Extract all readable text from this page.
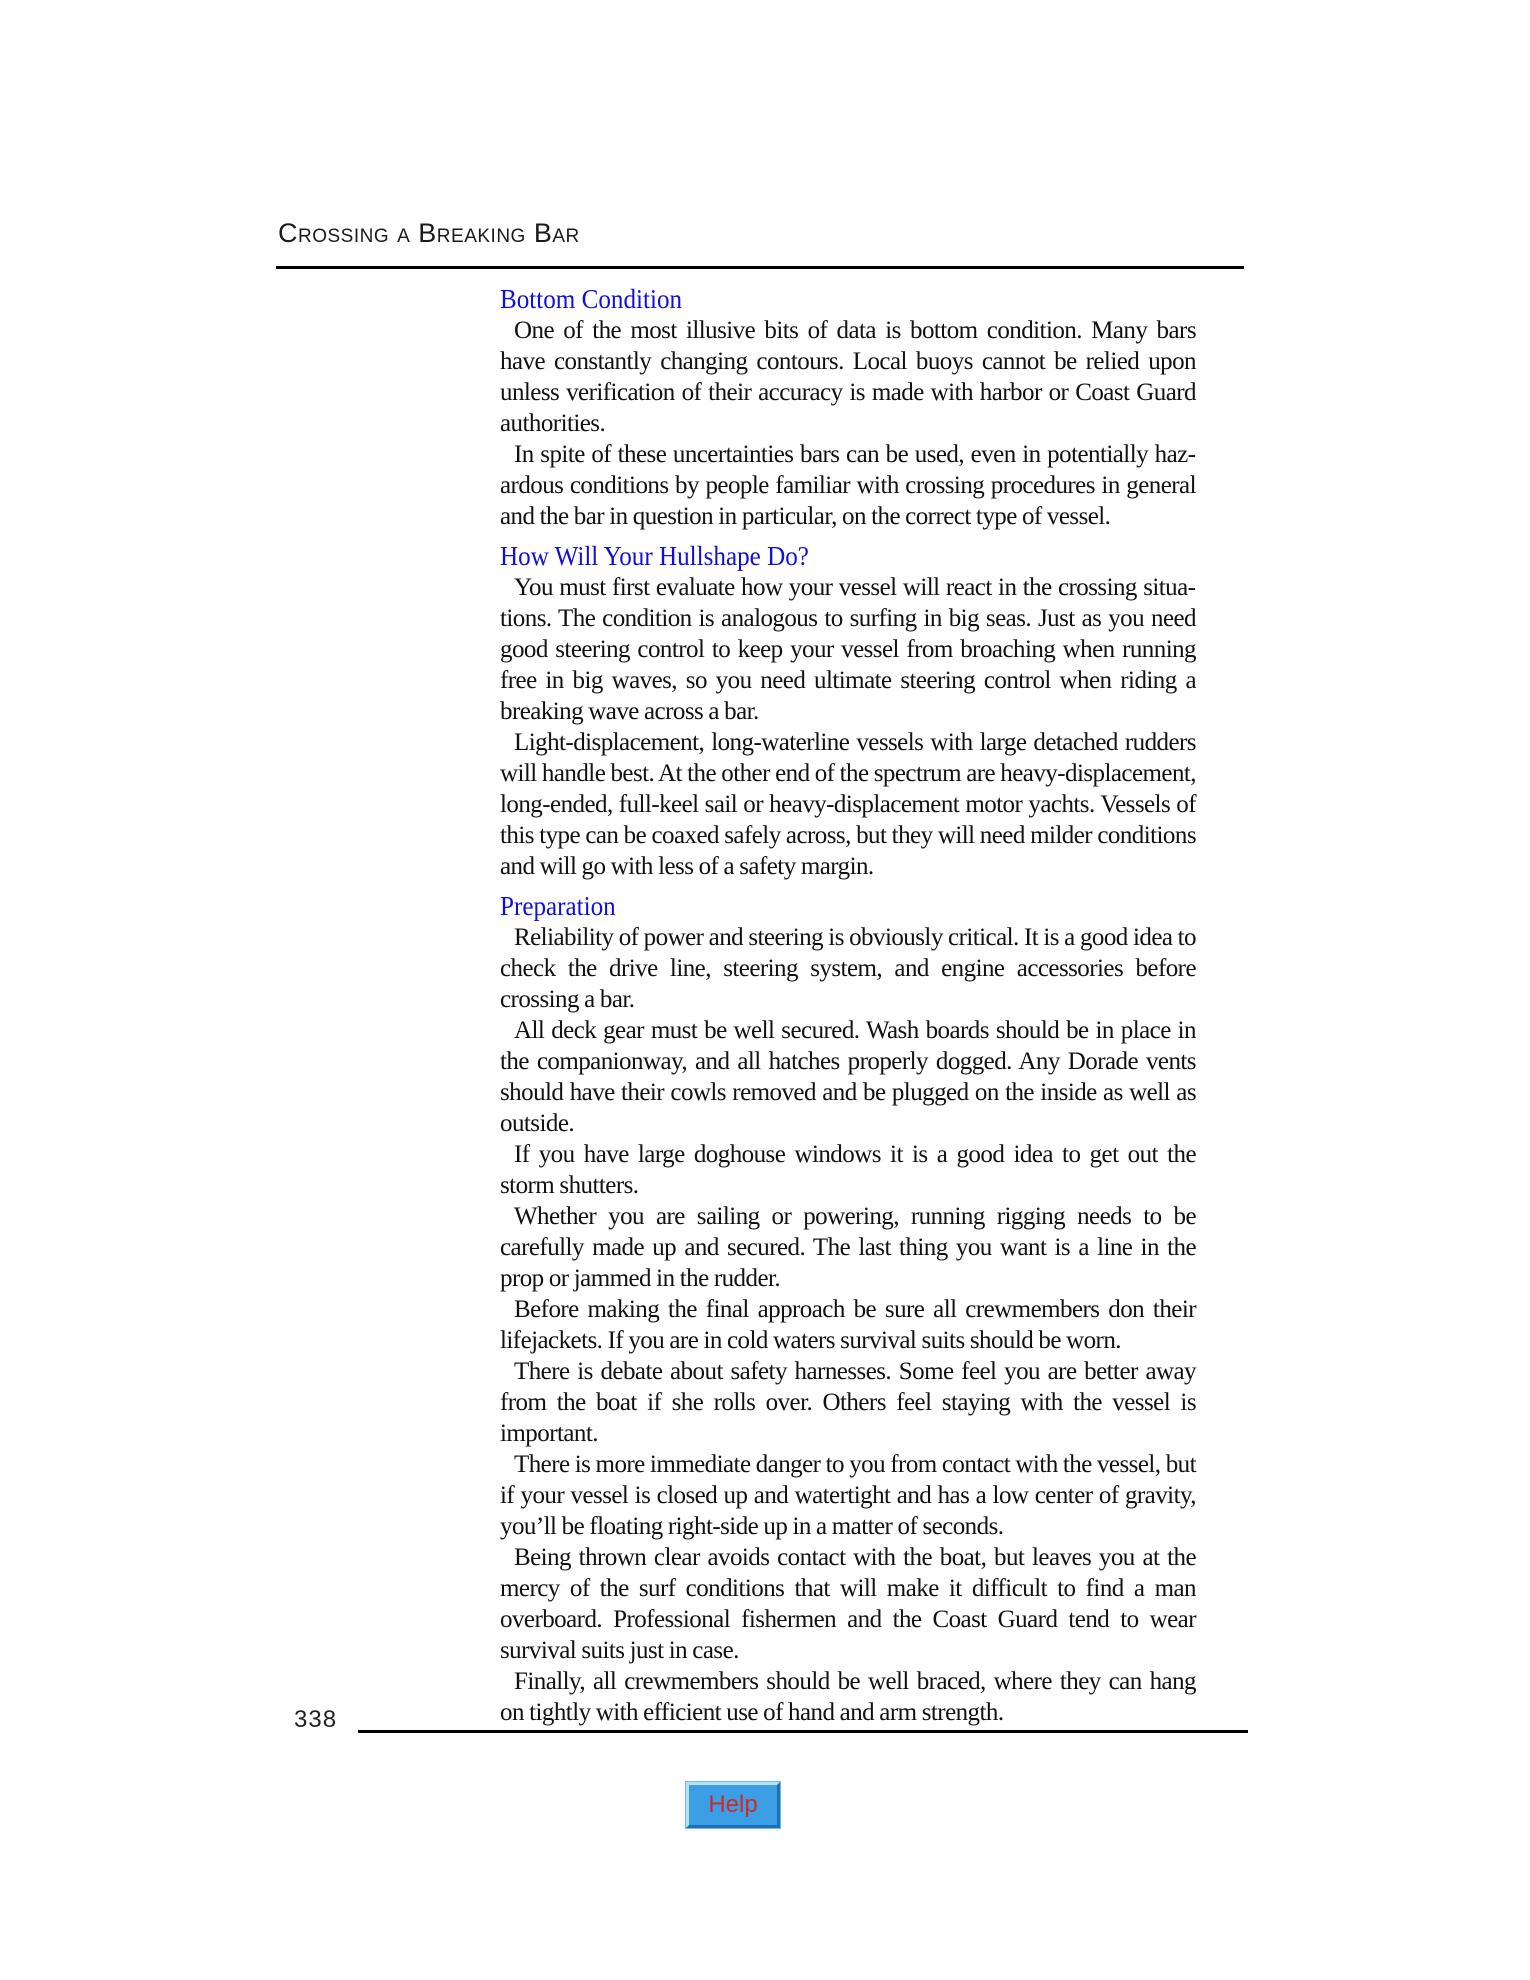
Crossing a Breaking Bar
Bottom Condition

One of the most illusive bits of data is bottom condition. Many bars have constantly changing contours. Local buoys cannot be relied upon unless verification of their accuracy is made with harbor or Coast Guard authorities.

In spite of these uncertainties bars can be used, even in potentially hazardous conditions by people familiar with crossing procedures in general and the bar in question in particular, on the correct type of vessel.

How Will Your Hullshape Do?

You must first evaluate how your vessel will react in the crossing situations. The condition is analogous to surfing in big seas. Just as you need good steering control to keep your vessel from broaching when running free in big waves, so you need ultimate steering control when riding a breaking wave across a bar.

Light-displacement, long-waterline vessels with large detached rudders will handle best. At the other end of the spectrum are heavy-displacement, long-ended, full-keel sail or heavy-displacement motor yachts. Vessels of this type can be coaxed safely across, but they will need milder conditions and will go with less of a safety margin.

Preparation

Reliability of power and steering is obviously critical. It is a good idea to check the drive line, steering system, and engine accessories before crossing a bar.

All deck gear must be well secured. Wash boards should be in place in the companionway, and all hatches properly dogged. Any Dorade vents should have their cowls removed and be plugged on the inside as well as outside.

If you have large doghouse windows it is a good idea to get out the storm shutters.

Whether you are sailing or powering, running rigging needs to be carefully made up and secured. The last thing you want is a line in the prop or jammed in the rudder.

Before making the final approach be sure all crewmembers don their lifejackets. If you are in cold waters survival suits should be worn.

There is debate about safety harnesses. Some feel you are better away from the boat if she rolls over. Others feel staying with the vessel is important.

There is more immediate danger to you from contact with the vessel, but if your vessel is closed up and watertight and has a low center of gravity, you’ll be floating right-side up in a matter of seconds.

Being thrown clear avoids contact with the boat, but leaves you at the mercy of the surf conditions that will make it difficult to find a man overboard. Professional fishermen and the Coast Guard tend to wear survival suits just in case.

Finally, all crewmembers should be well braced, where they can hang on tightly with efficient use of hand and arm strength.

338
Help
